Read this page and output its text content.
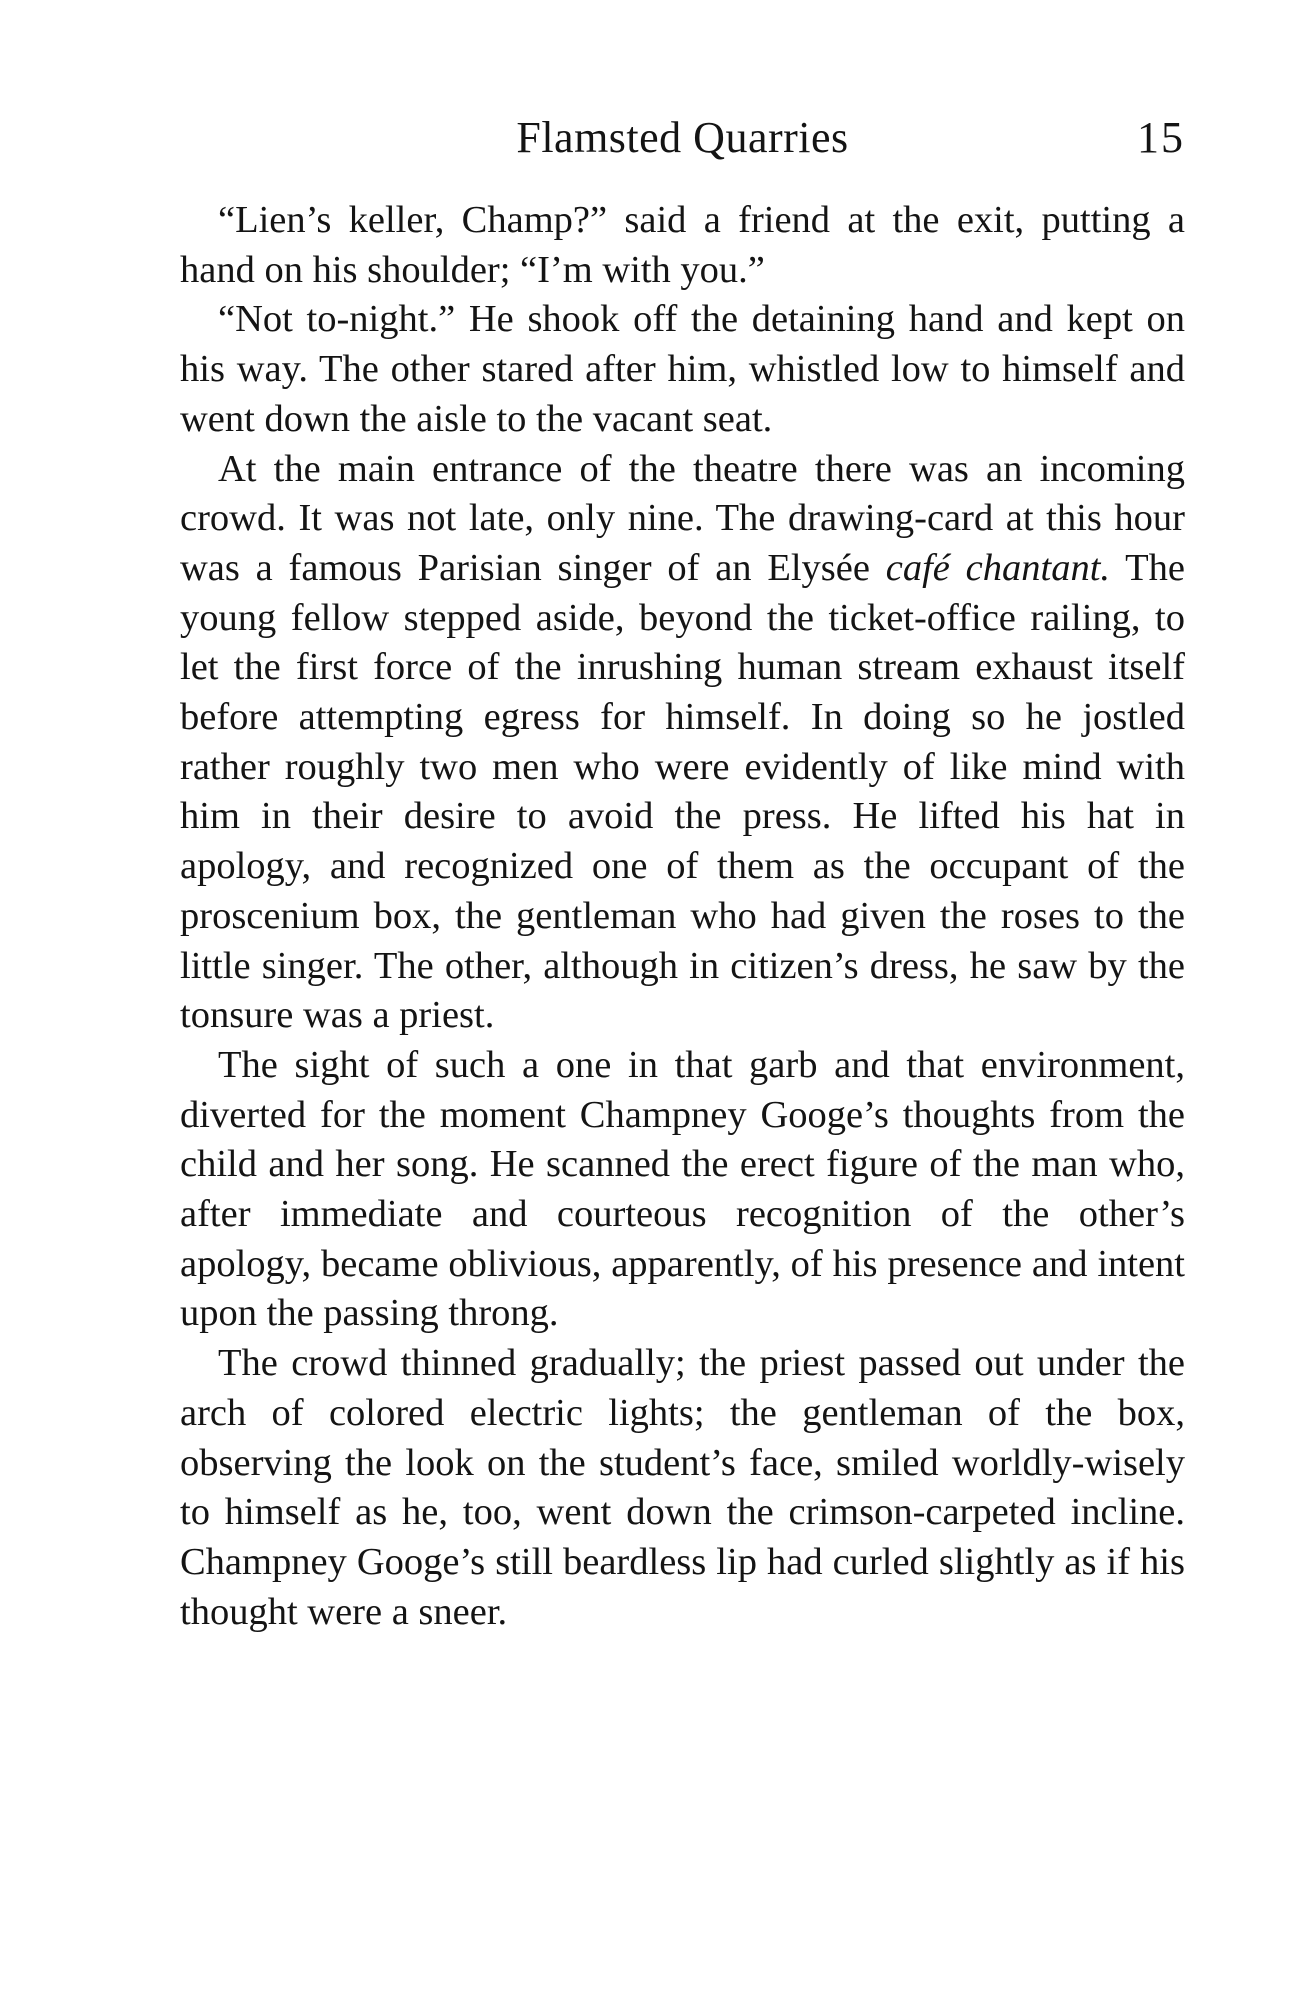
Flamsted Quarries	15

“Lien’s keller, Champ?” said a friend at the exit, putting a hand on his shoulder; “I’m with you.”

“Not to-night.” He shook off the detaining hand and kept on his way. The other stared after him, whistled low to himself and went down the aisle to the vacant seat.

At the main entrance of the theatre there was an incoming crowd. It was not late, only nine. The drawing-card at this hour was a famous Parisian singer of an Elysée café chantant. The young fellow stepped aside, beyond the ticket-office railing, to let the first force of the inrushing human stream exhaust itself before attempting egress for himself. In doing so he jostled rather roughly two men who were evidently of like mind with him in their desire to avoid the press. He lifted his hat in apology, and recognized one of them as the occupant of the proscenium box, the gentleman who had given the roses to the little singer. The other, although in citizen’s dress, he saw by the tonsure was a priest.

The sight of such a one in that garb and that environment, diverted for the moment Champney Googe’s thoughts from the child and her song. He scanned the erect figure of the man who, after immediate and courteous recognition of the other’s apology, became oblivious, apparently, of his presence and intent upon the passing throng.

The crowd thinned gradually; the priest passed out under the arch of colored electric lights; the gentleman of the box, observing the look on the student’s face, smiled worldly-wisely to himself as he, too, went down the crimson-carpeted incline. Champney Googe’s still beardless lip had curled slightly as if his thought were a sneer.
